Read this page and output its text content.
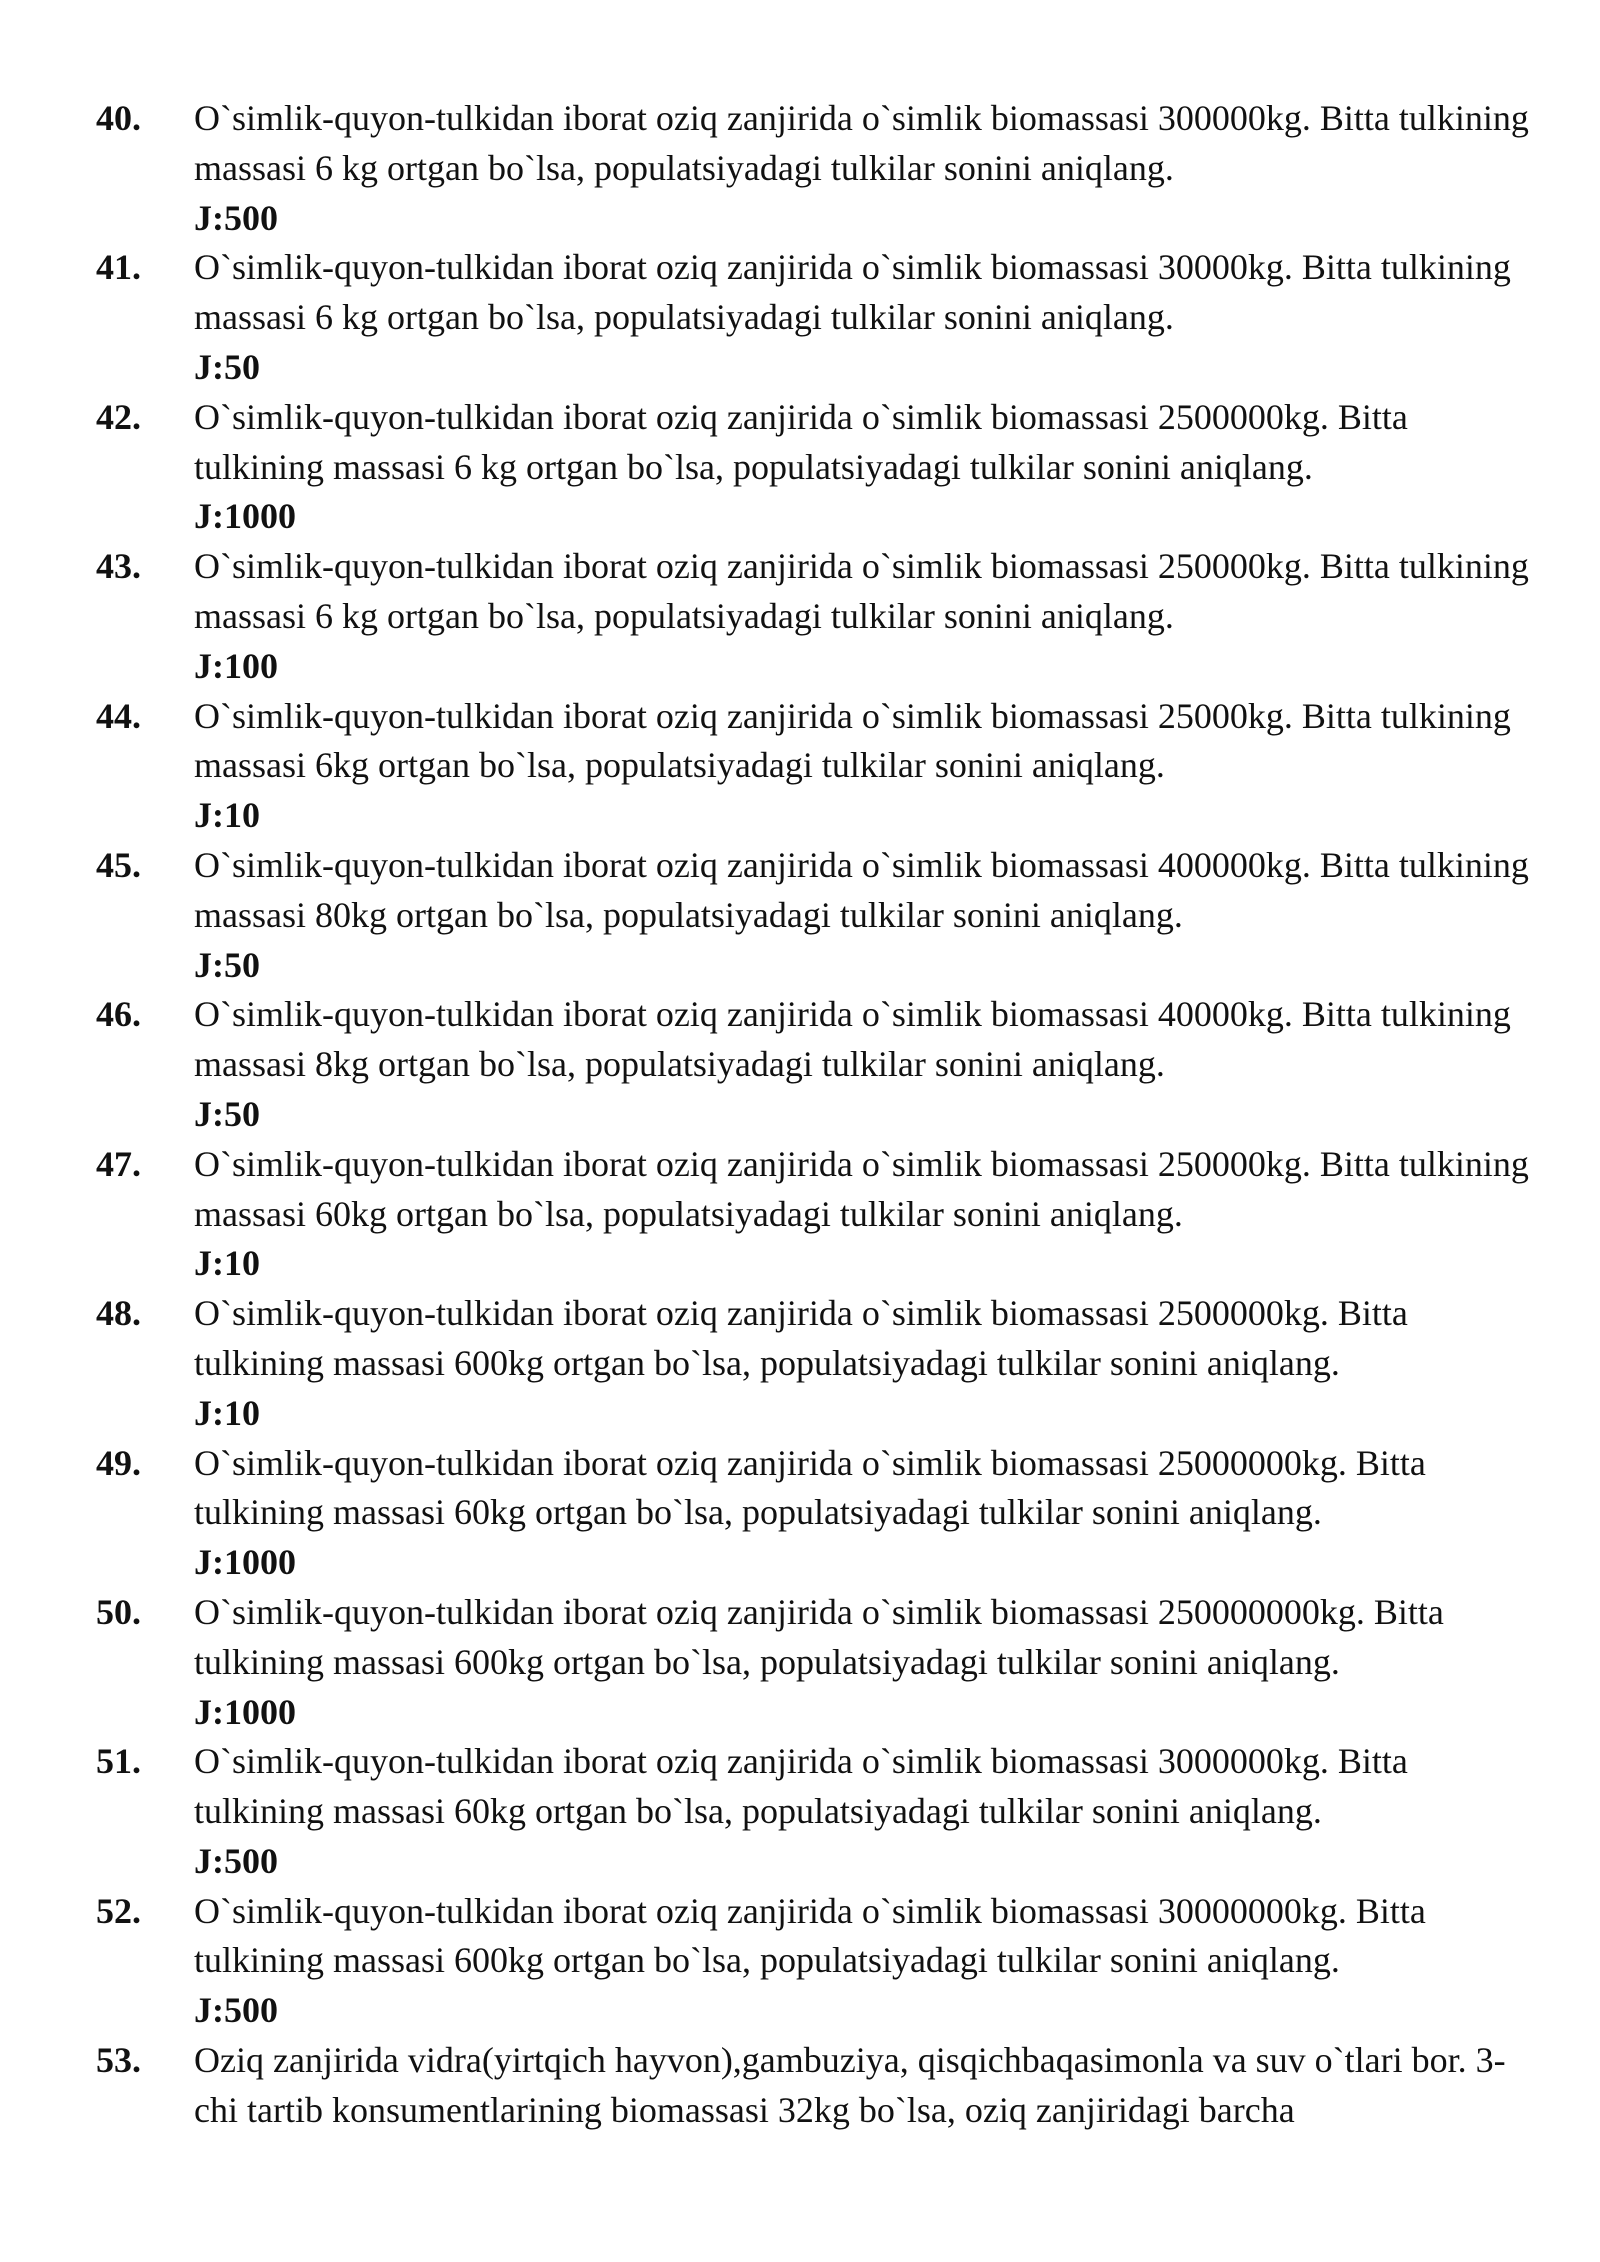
40. O`simlik-quyon-tulkidan iborat oziq zanjirida o`simlik biomassasi 300000kg. Bitta tulkining massasi 6 kg ortgan bo`lsa, populatsiyadagi tulkilar sonini aniqlang.
J:500
41. O`simlik-quyon-tulkidan iborat oziq zanjirida o`simlik biomassasi 30000kg. Bitta tulkining massasi 6 kg ortgan bo`lsa, populatsiyadagi tulkilar sonini aniqlang.
J:50
42. O`simlik-quyon-tulkidan iborat oziq zanjirida o`simlik biomassasi 2500000kg. Bitta tulkining massasi 6 kg ortgan bo`lsa, populatsiyadagi tulkilar sonini aniqlang.
J:1000
43. O`simlik-quyon-tulkidan iborat oziq zanjirida o`simlik biomassasi 250000kg. Bitta tulkining massasi 6 kg ortgan bo`lsa, populatsiyadagi tulkilar sonini aniqlang.
J:100
44. O`simlik-quyon-tulkidan iborat oziq zanjirida o`simlik biomassasi 25000kg. Bitta tulkining massasi 6kg ortgan bo`lsa, populatsiyadagi tulkilar sonini aniqlang.
J:10
45. O`simlik-quyon-tulkidan iborat oziq zanjirida o`simlik biomassasi 400000kg. Bitta tulkining massasi 80kg ortgan bo`lsa, populatsiyadagi tulkilar sonini aniqlang.
J:50
46. O`simlik-quyon-tulkidan iborat oziq zanjirida o`simlik biomassasi 40000kg. Bitta tulkining massasi 8kg ortgan bo`lsa, populatsiyadagi tulkilar sonini aniqlang.
J:50
47. O`simlik-quyon-tulkidan iborat oziq zanjirida o`simlik biomassasi 250000kg. Bitta tulkining massasi 60kg ortgan bo`lsa, populatsiyadagi tulkilar sonini aniqlang.
J:10
48. O`simlik-quyon-tulkidan iborat oziq zanjirida o`simlik biomassasi 2500000kg. Bitta tulkining massasi 600kg ortgan bo`lsa, populatsiyadagi tulkilar sonini aniqlang.
J:10
49. O`simlik-quyon-tulkidan iborat oziq zanjirida o`simlik biomassasi 25000000kg. Bitta tulkining massasi 60kg ortgan bo`lsa, populatsiyadagi tulkilar sonini aniqlang.
J:1000
50. O`simlik-quyon-tulkidan iborat oziq zanjirida o`simlik biomassasi 250000000kg. Bitta tulkining massasi 600kg ortgan bo`lsa, populatsiyadagi tulkilar sonini aniqlang.
J:1000
51. O`simlik-quyon-tulkidan iborat oziq zanjirida o`simlik biomassasi 3000000kg. Bitta tulkining massasi 60kg ortgan bo`lsa, populatsiyadagi tulkilar sonini aniqlang.
J:500
52. O`simlik-quyon-tulkidan iborat oziq zanjirida o`simlik biomassasi 30000000kg. Bitta tulkining massasi 600kg ortgan bo`lsa, populatsiyadagi tulkilar sonini aniqlang.
J:500
53. Oziq zanjirida vidra(yirtqich hayvon),gambuziya, qisqichbaqasimonla va suv o`tlari bor. 3-chi tartib konsumentlarining biomassasi 32kg bo`lsa, oziq zanjiridagi barcha
